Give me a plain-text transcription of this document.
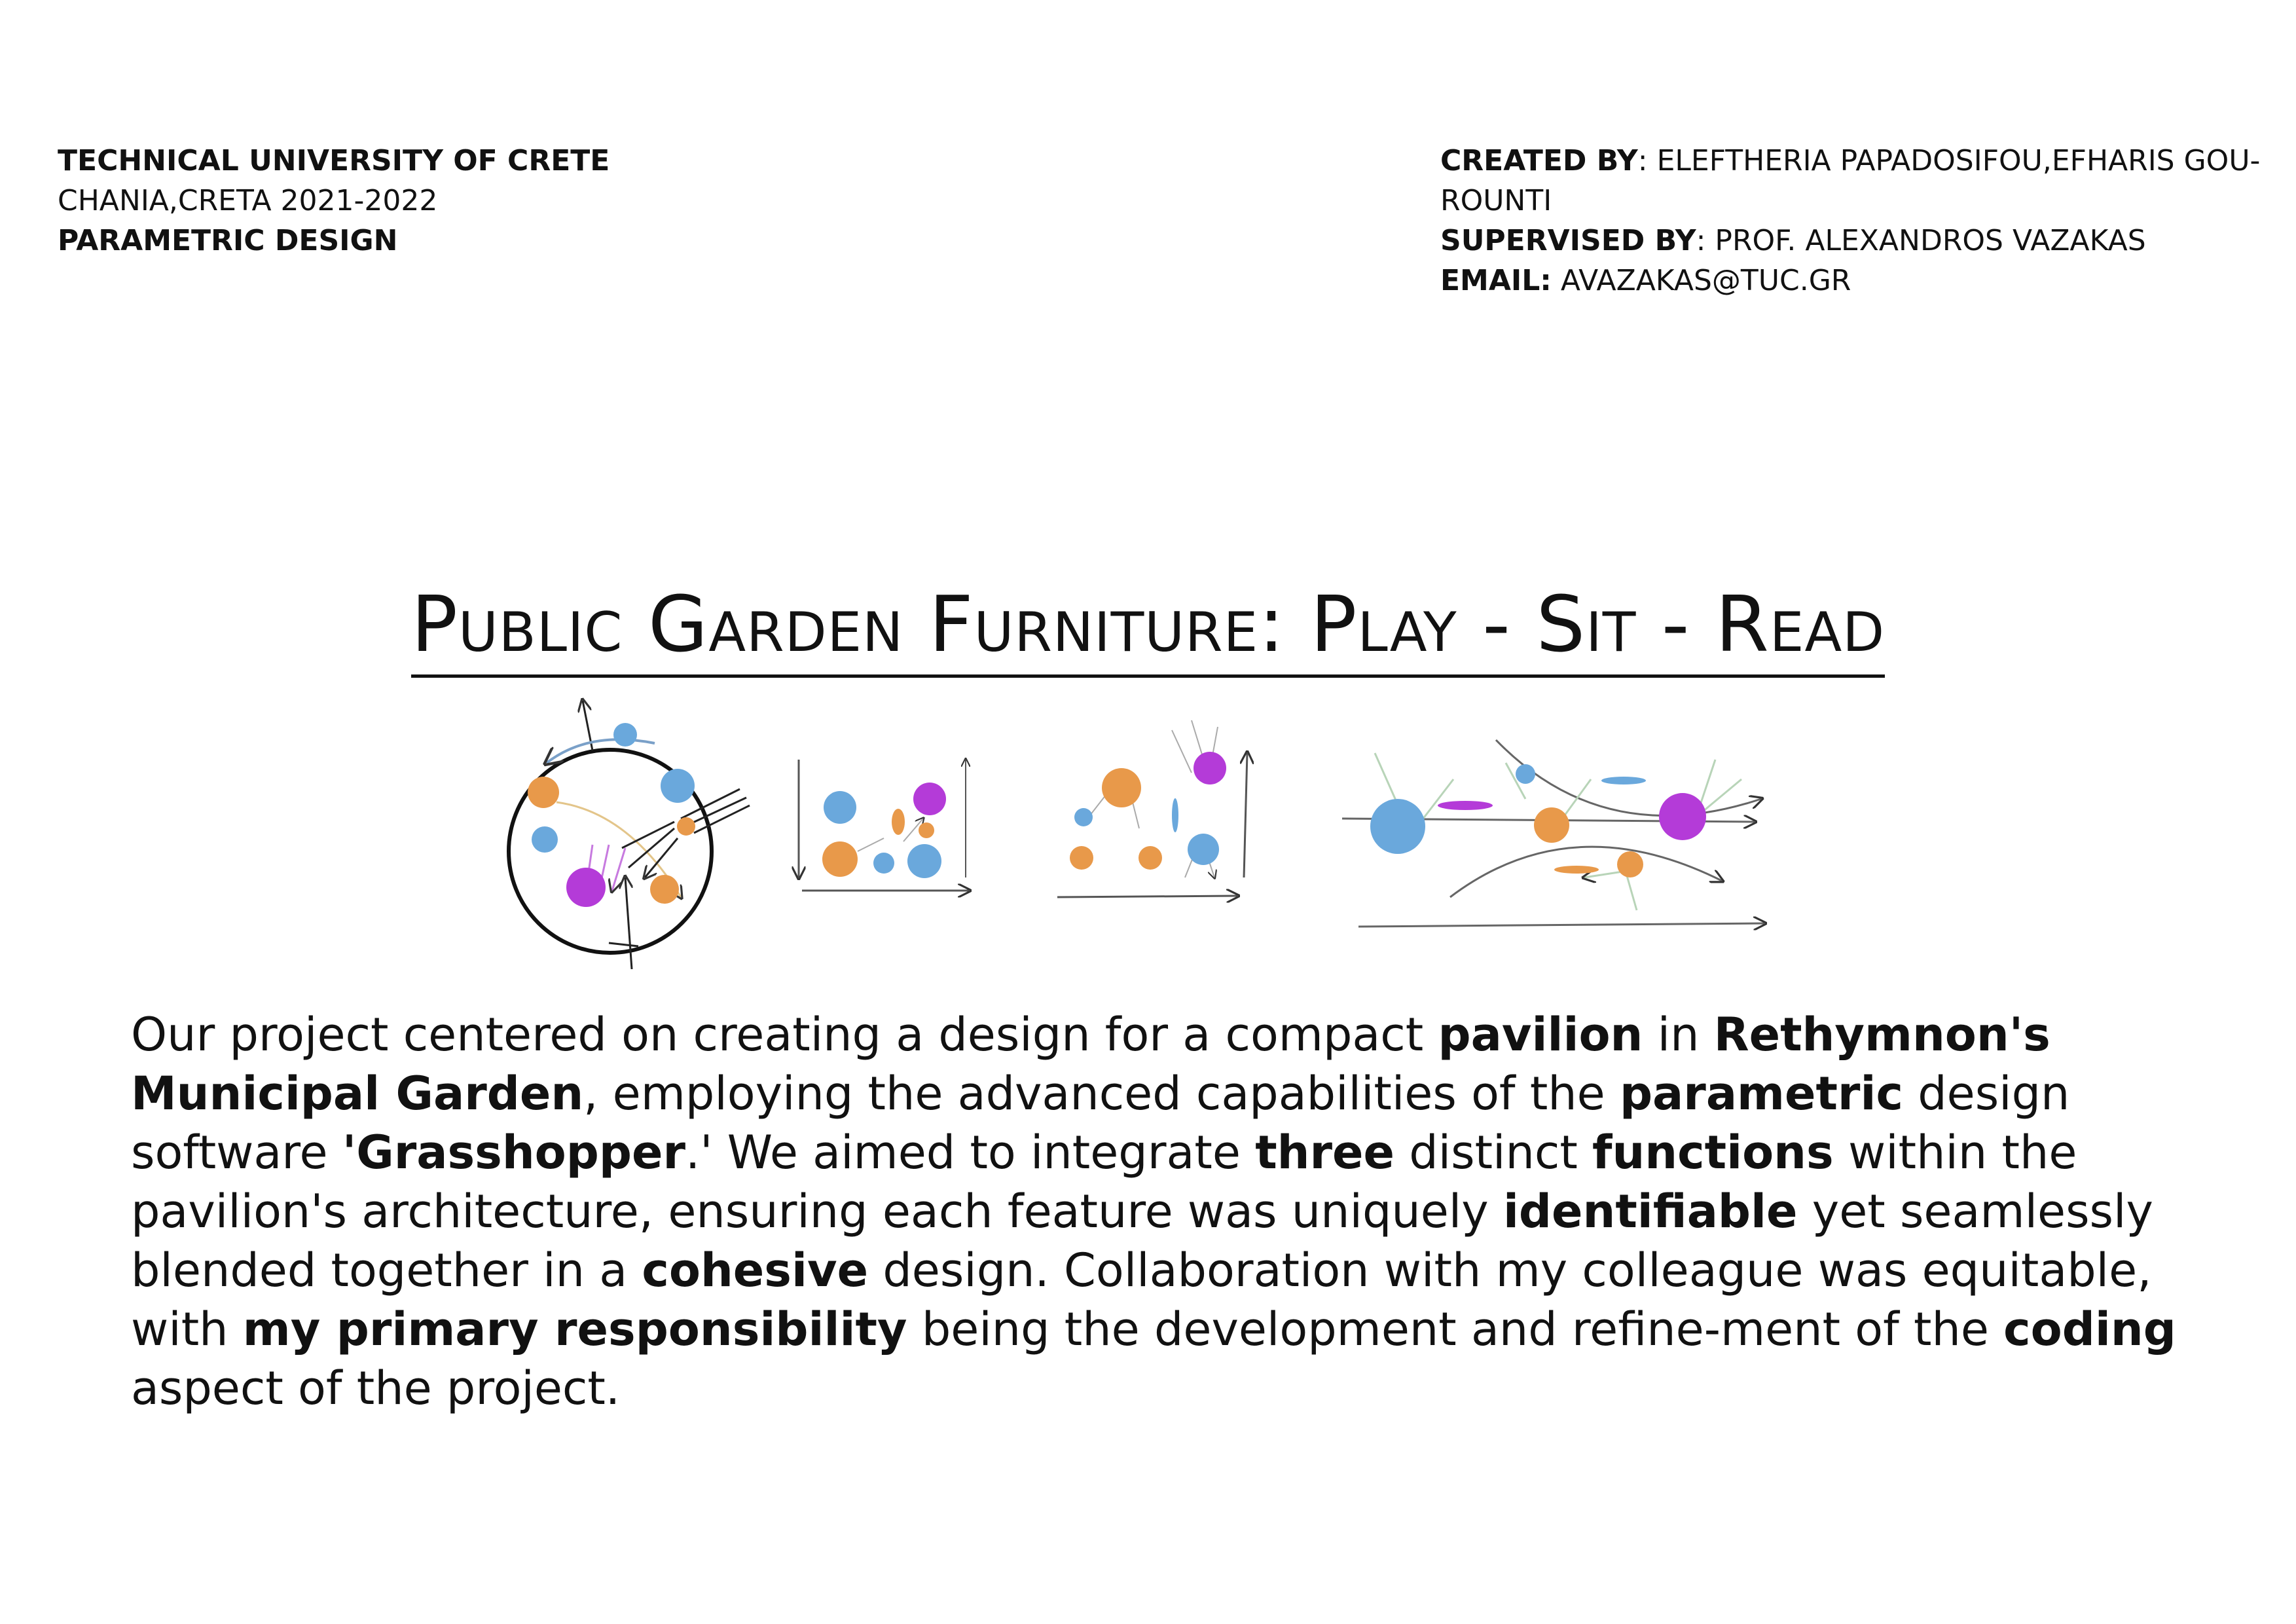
TECHNICAL UNIVERSITY OF CRETE
CHANIA,CRETA 2021-2022
PARAMETRIC DESIGN
CREATED BY: ELEFTHERIA PAPADOSIFOU,EFHARIS GOU-
ROUNTI
SUPERVISED BY: PROF. ALEXANDROS VAZAKAS
EMAIL: AVAZAKAS@TUC.GR
Public Garden Furniture: Play - Sit - Read
Our project centered on creating a design for a compact pavilion in Rethymnon's Municipal Garden, employing the advanced capabilities of the parametric design software 'Grasshopper.' We aimed to integrate three distinct functions within the pavilion's architecture, ensuring each feature was uniquely identifiable yet seamlessly blended together in a cohesive design. Collaboration with my colleague was equitable, with my primary responsibility being the development and refine-ment of the coding aspect of the project.
